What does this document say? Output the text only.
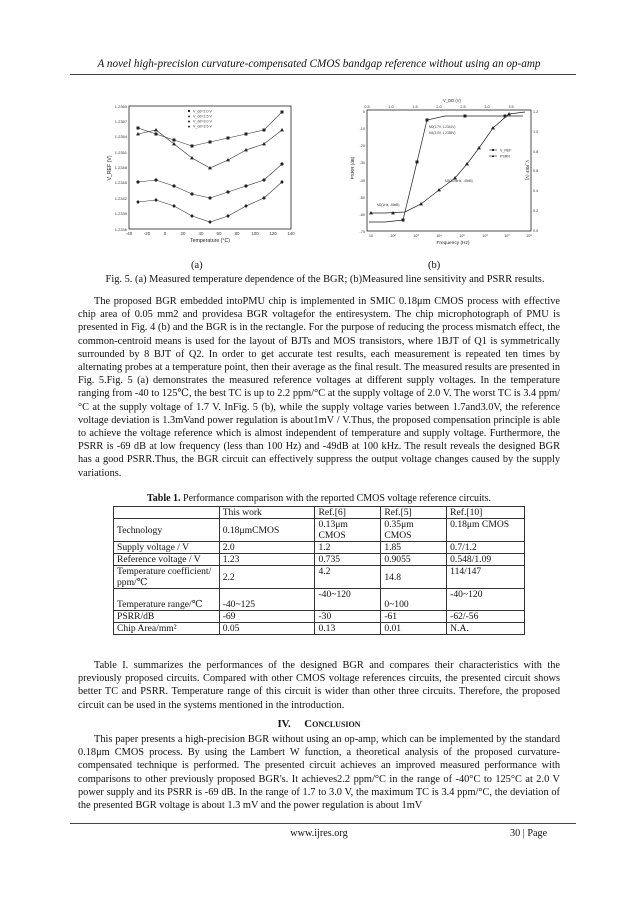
A novel high-precision curvature-compensated CMOS bandgap reference without using an op-amp
1.2360
1.2357
1.2354
1.2351
1.2348
1.2345
1.2342
1.2339
1.2336
-40	-20	0	20	40	60	80	100 120 140
Temperature (°C)
V_REF (V)
V_dd=2.0 V
V_dd=2.5 V
V_dd=3.0 V
V_dd=3.5 V
V_DD (V)
0.5	1.0	1.5	2.0	2.5	3.0	3.5
-70
-60
-50
-40
-30
-20
-10
0
PSRR (dB)
1.2
1.0
0.8
0.6
0.4
0.2
0.0
V_REF (V)
10	10²	10³	10⁴	10⁵	10⁶	10⁷	10⁸
Frequency (Hz)
M0(1.7V, 1.2341V)
M1(3.0V, 1.2355V)
M2(1Hz, -69dB)
M3(100kHz, -49dB)
V_REF
PSRR
(a)	(b)
Fig. 5. (a) Measured temperature dependence of the BGR; (b)Measured line sensitivity and PSRR results.
The proposed BGR embedded intoPMU chip is implemented in SMIC 0.18μm CMOS process with effective chip area of 0.05 mm2 and providesa BGR voltagefor the entiresystem. The chip microphotograph of PMU is presented in Fig. 4 (b) and the BGR is in the rectangle. For the purpose of reducing the process mismatch effect, the common-centroid means is used for the layout of BJTs and MOS transistors, where 1BJT of Q1 is symmetrically surrounded by 8 BJT of Q2. In order to get accurate test results, each measurement is repeated ten times by alternating probes at a temperature point, then their average as the final result. The measured results are presented in Fig. 5.Fig. 5 (a) demonstrates the measured reference voltages at different supply voltages. In the temperature ranging from -40 to 125℃, the best TC is up to 2.2 ppm/°C at the supply voltage of 2.0 V. The worst TC is 3.4 ppm/°C at the supply voltage of 1.7 V. InFig. 5 (b), while the supply voltage varies between 1.7and3.0V, the reference voltage deviation is 1.3mVand power regulation is about1mV / V.Thus, the proposed compensation principle is able to achieve the voltage reference which is almost independent of temperature and supply voltage. Furthermore, the PSRR is -69 dB at low frequency (less than 100 Hz) and -49dB at 100 kHz. The result reveals the designed BGR has a good PSRR.Thus, the BGR circuit can effectively suppress the output voltage changes caused by the supply variations.
Table 1. Performance comparison with the reported CMOS voltage reference circuits.
	This work	Ref.[6]	Ref.[5]	Ref.[10]
Technology	0.18μmCMOS	0.13μm CMOS	0.35μm CMOS	0.18μm CMOS
Supply voltage / V	2.0	1.2	1.85	0.7/1.2
Reference voltage / V	1.23	0.735	0.9055	0.548/1.09
Temperature coefficient/ ppm/℃	2.2	4.2	14.8	114/147
Temperature range/℃	-40~125	-40~120	0~100	-40~120
PSRR/dB	-69	-30	-61	-62/-56
Chip Area/mm²	0.05	0.13	0.01	N.A.
Table I. summarizes the performances of the designed BGR and compares their characteristics with the previously proposed circuits. Compared with other CMOS voltage references circuits, the presented circuit shows better TC and PSRR. Temperature range of this circuit is wider than other three circuits. Therefore, the proposed circuit can be used in the systems mentioned in the introduction.
IV. Conclusion
This paper presents a high-precision BGR without using an op-amp, which can be implemented by the standard 0.18μm CMOS process. By using the Lambert W function, a theoretical analysis of the proposed curvature-compensated technique is performed. The presented circuit achieves an improved measured performance with comparisons to other previously proposed BGR's. It achieves2.2 ppm/°C in the range of -40°C to 125°C at 2.0 V power supply and its PSRR is -69 dB. In the range of 1.7 to 3.0 V, the maximum TC is 3.4 ppm/°C, the deviation of the presented BGR voltage is about 1.3 mV and the power regulation is about 1mV
www.ijres.org	30 | Page
